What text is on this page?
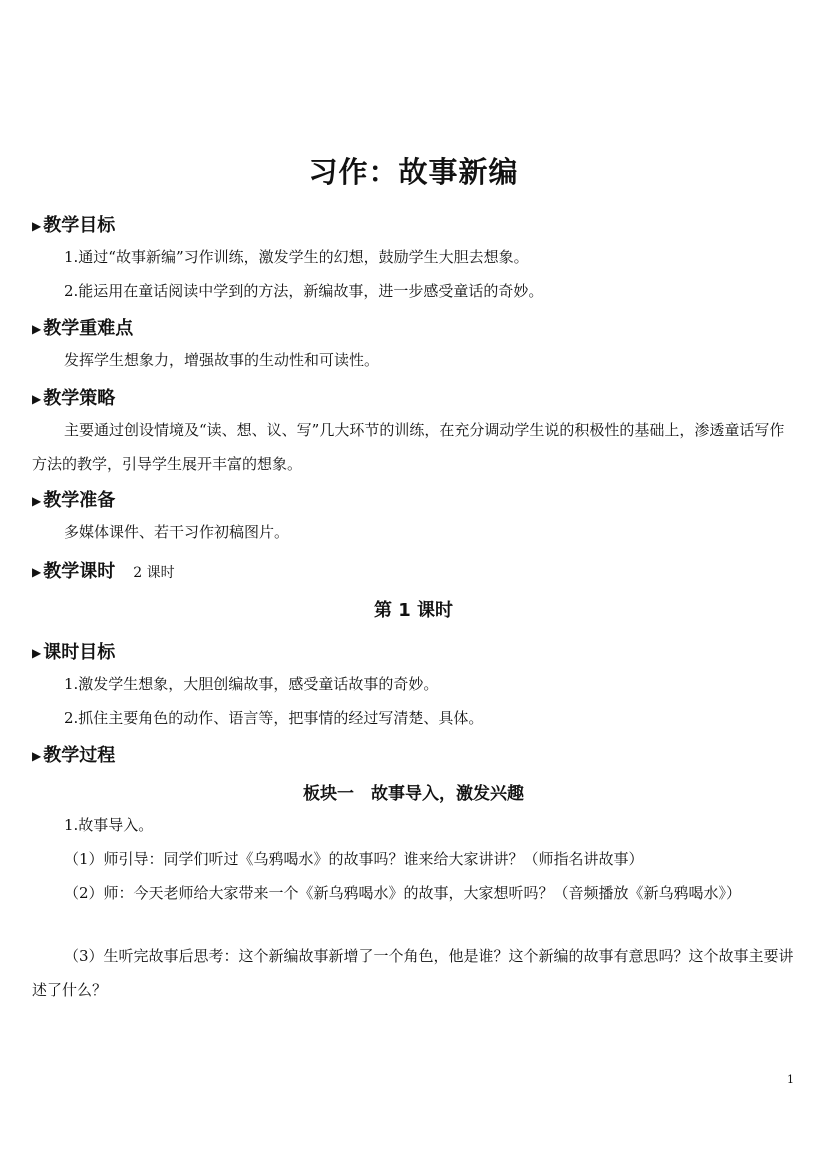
习作：故事新编
▶ 教学目标
1.通过“故事新编”习作训练，激发学生的幻想，鼓励学生大胆去想象。
2.能运用在童话阅读中学到的方法，新编故事，进一步感受童话的奇妙。
▶ 教学重难点
发挥学生想象力，增强故事的生动性和可读性。
▶ 教学策略
主要通过创设情境及“读、想、议、写”几大环节的训练，在充分调动学生说的积极性的基础上，渗透童话写作方法的教学，引导学生展开丰富的想象。
▶ 教学准备
多媒体课件、若干习作初稿图片。
▶ 教学课时 2 课时
第 1 课时
▶ 课时目标
1.激发学生想象，大胆创编故事，感受童话故事的奇妙。
2.抓住主要角色的动作、语言等，把事情的经过写清楚、具体。
▶ 教学过程
板块一　故事导入，激发兴趣
1.故事导入。
（1）师引导：同学们听过《乌鸦喝水》的故事吗？谁来给大家讲讲？（师指名讲故事）
（2）师：今天老师给大家带来一个《新乌鸦喝水》的故事，大家想听吗？（音频播放《新乌鸦喝水》）
（3）生听完故事后思考：这个新编故事新增了一个角色，他是谁？这个新编的故事有意思吗？这个故事主要讲述了什么？
1
